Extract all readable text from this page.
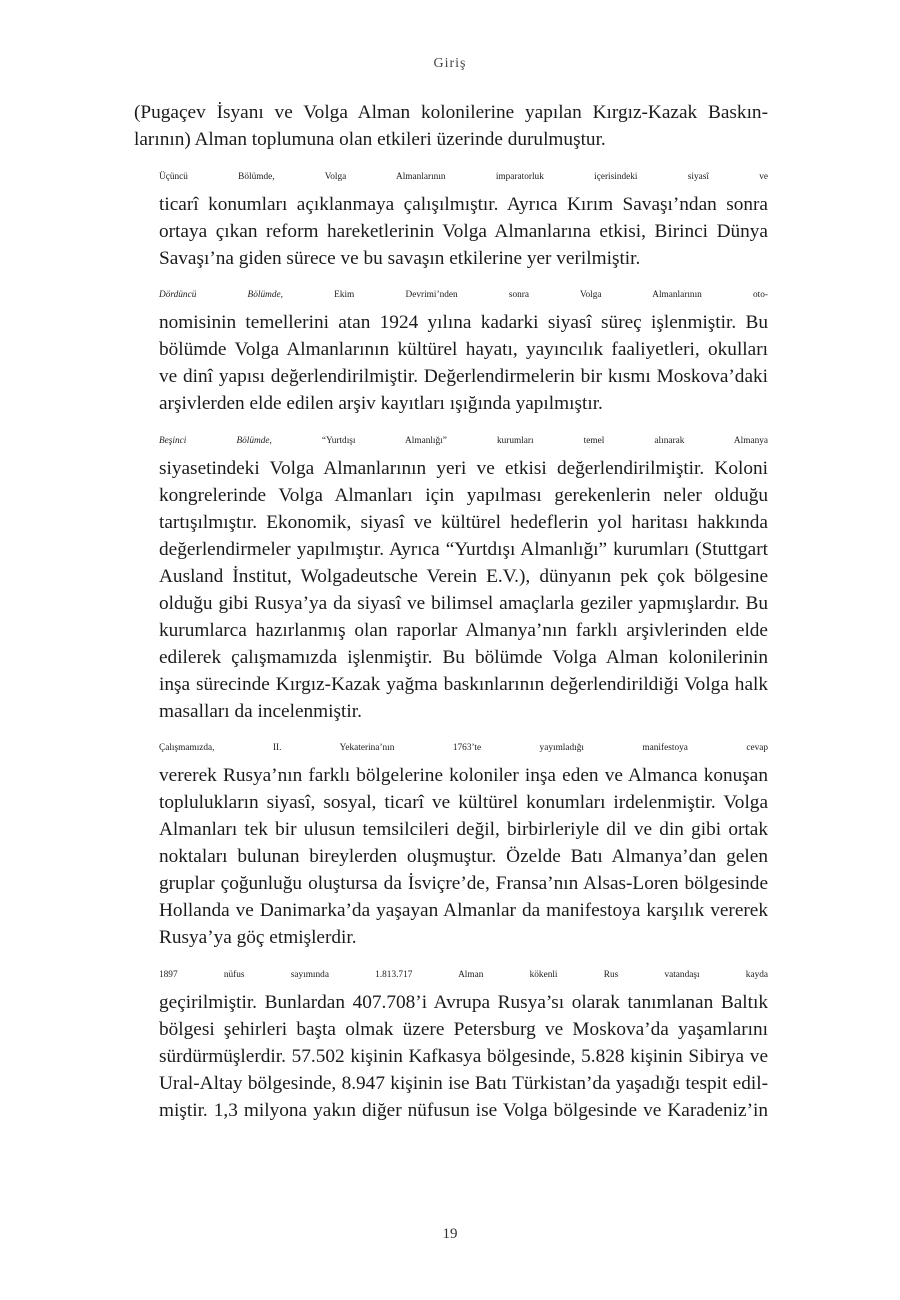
Giriş
(Pugaçev İsyanı ve Volga Alman kolonilerine yapılan Kırgız-Kazak Baskın-
larının) Alman toplumuna olan etkileri üzerinde durulmuştur.
Üçüncü Bölümde, Volga Almanlarının imparatorluk içerisindeki siyasî ve
ticarî konumları açıklanmaya çalışılmıştır. Ayrıca Kırım Savaşı’ndan sonra
ortaya çıkan reform hareketlerinin Volga Almanlarına etkisi, Birinci Dünya
Savaşı’na giden sürece ve bu savaşın etkilerine yer verilmiştir.
Dördüncü Bölümde, Ekim Devrimi’nden sonra Volga Almanlarının oto-
nomisinin temellerini atan 1924 yılına kadarki siyasî süreç işlenmiştir. Bu
bölümde Volga Almanlarının kültürel hayatı, yayıncılık faaliyetleri, okulları
ve dinî yapısı değerlendirilmiştir. Değerlendirmelerin bir kısmı Moskova’daki
arşivlerden elde edilen arşiv kayıtları ışığında yapılmıştır.
Beşinci Bölümde, “Yurtdışı Almanlığı” kurumları temel alınarak Almanya
siyasetindeki Volga Almanlarının yeri ve etkisi değerlendirilmiştir. Koloni
kongrelerinde Volga Almanları için yapılması gerekenlerin neler olduğu
tartışılmıştır. Ekonomik, siyasî ve kültürel hedeflerin yol haritası hakkında
değerlendirmeler yapılmıştır. Ayrıca “Yurtdışı Almanlığı” kurumları (Stuttgart
Ausland İnstitut, Wolgadeutsche Verein E.V.), dünyanın pek çok bölgesine
olduğu gibi Rusya’ya da siyasî ve bilimsel amaçlarla geziler yapmışlardır. Bu
kurumlarca hazırlanmış olan raporlar Almanya’nın farklı arşivlerinden elde
edilerek çalışmamızda işlenmiştir. Bu bölümde Volga Alman kolonilerinin
inşa sürecinde Kırgız-Kazak yağma baskınlarının değerlendirildiği Volga halk
masalları da incelenmiştir.
Çalışmamızda, II. Yekaterina’nın 1763’te yayımladığı manifestoya cevap
vererek Rusya’nın farklı bölgelerine koloniler inşa eden ve Almanca konuşan
toplulukların siyasî, sosyal, ticarî ve kültürel konumları irdelenmiştir. Volga
Almanları tek bir ulusun temsilcileri değil, birbirleriyle dil ve din gibi ortak
noktaları bulunan bireylerden oluşmuştur. Özelde Batı Almanya’dan gelen
gruplar çoğunluğu oluştursa da İsviçre’de, Fransa’nın Alsas-Loren bölgesinde
Hollanda ve Danimarka’da yaşayan Almanlar da manifestoya karşılık vererek
Rusya’ya göç etmişlerdir.
1897 nüfus sayımında 1.813.717 Alman kökenli Rus vatandaşı kayda
geçirilmiştir. Bunlardan 407.708’i Avrupa Rusya’sı olarak tanımlanan Baltık
bölgesi şehirleri başta olmak üzere Petersburg ve Moskova’da yaşamlarını
sürdürmüşlerdir. 57.502 kişinin Kafkasya bölgesinde, 5.828 kişinin Sibirya ve
Ural-Altay bölgesinde, 8.947 kişinin ise Batı Türkistan’da yaşadığı tespit edil-
miştir. 1,3 milyona yakın diğer nüfusun ise Volga bölgesinde ve Karadeniz’in
19
